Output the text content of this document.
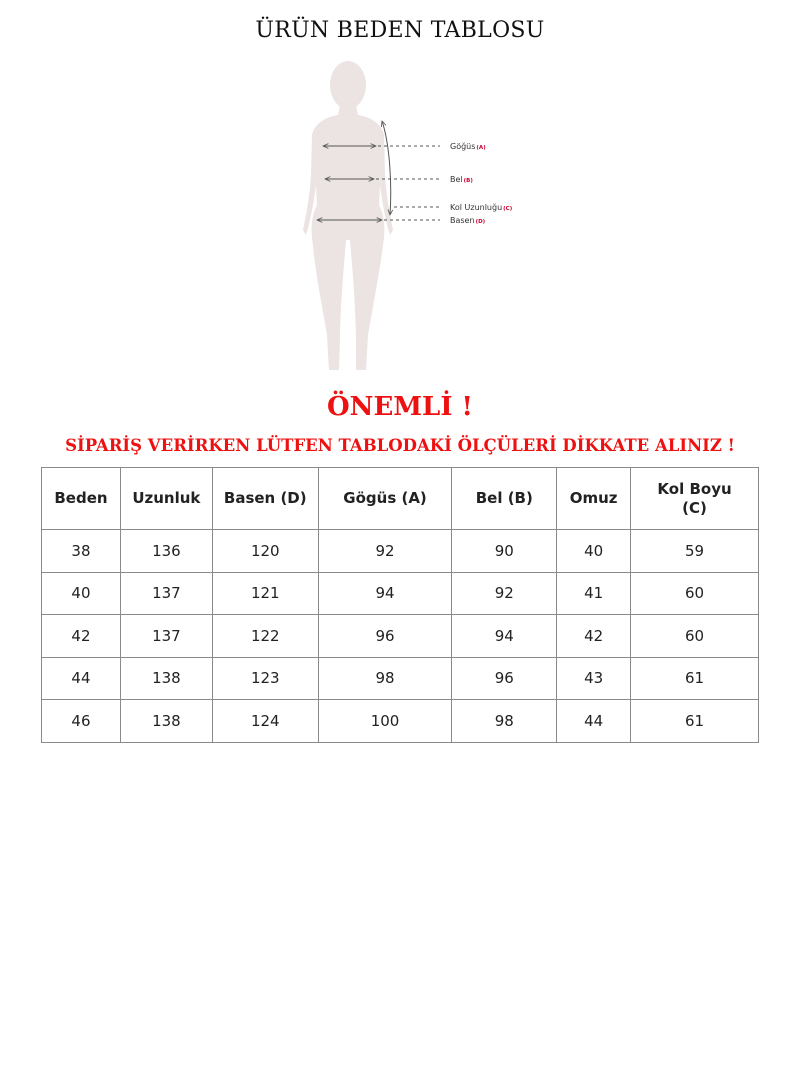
ÜRÜN BEDEN TABLOSU
Göğüs(A)
Bel(B)
Kol Uzunluğu(C)
Basen(D)
ÖNEMLİ !
SİPARİŞ VERİRKEN LÜTFEN TABLODAKİ ÖLÇÜLERİ DİKKATE ALINIZ !
Beden	Uzunluk	Basen (D)	Gögüs (A)	Bel (B)	Omuz	Kol Boyu (C)
38	136	120	92	90	40	59
40	137	121	94	92	41	60
42	137	122	96	94	42	60
44	138	123	98	96	43	61
46	138	124	100	98	44	61
